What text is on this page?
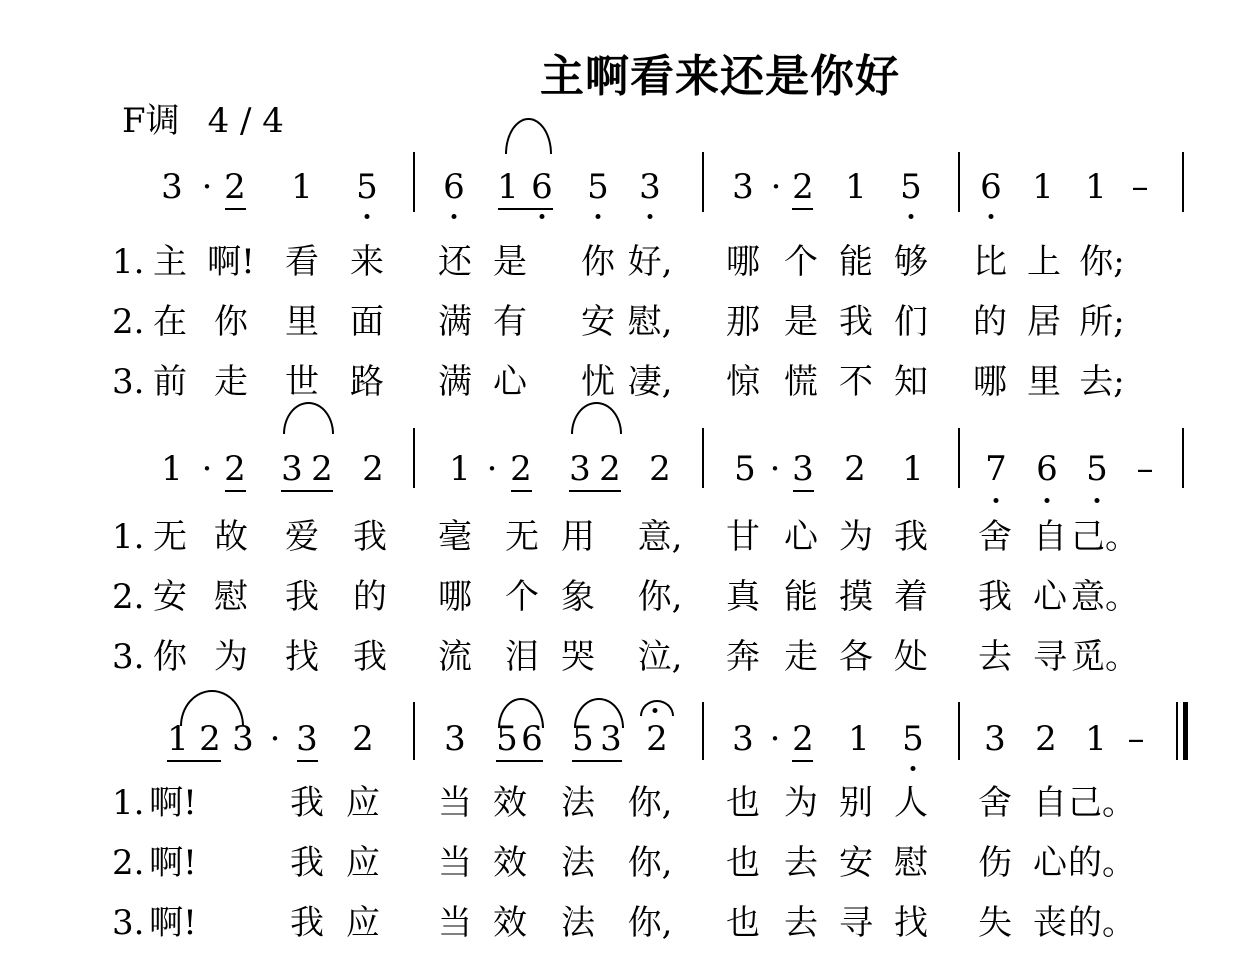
主啊看来还是你好
F调 4 / 4
3 · 2 1 5 6 1 6 5 3 3 · 2 1 5 6 1 1 –
1. 主 啊! 看 来 还 是 你 好, 哪 个 能 够 比 上 你;
2. 在 你 里 面 满 有 安 慰, 那 是 我 们 的 居 所;
3. 前 走 世 路 满 心 忧 凄, 惊 慌 不 知 哪 里 去;
1 · 2 3 2 2 1 · 2 3 2 2 5 · 3 2 1 7 6 5 –
1. 无 故 爱 我 毫 无 用 意, 甘 心 为 我 舍 自 己。
2. 安 慰 我 的 哪 个 象 你, 真 能 摸 着 我 心 意。
3. 你 为 找 我 流 泪 哭 泣, 奔 走 各 处 去 寻 觅。
1 2 3 · 3 2 3 5 6 5 3 2 3 · 2 1 5 3 2 1 –
1. 啊!	我 应 当 效 法 你, 也 为 别 人 舍 自 己。
2. 啊!	我 应 当 效 法 你, 也 去 安 慰 伤 心 的。
3. 啊!	我 应 当 效 法 你, 也 去 寻 找 失 丧 的。
